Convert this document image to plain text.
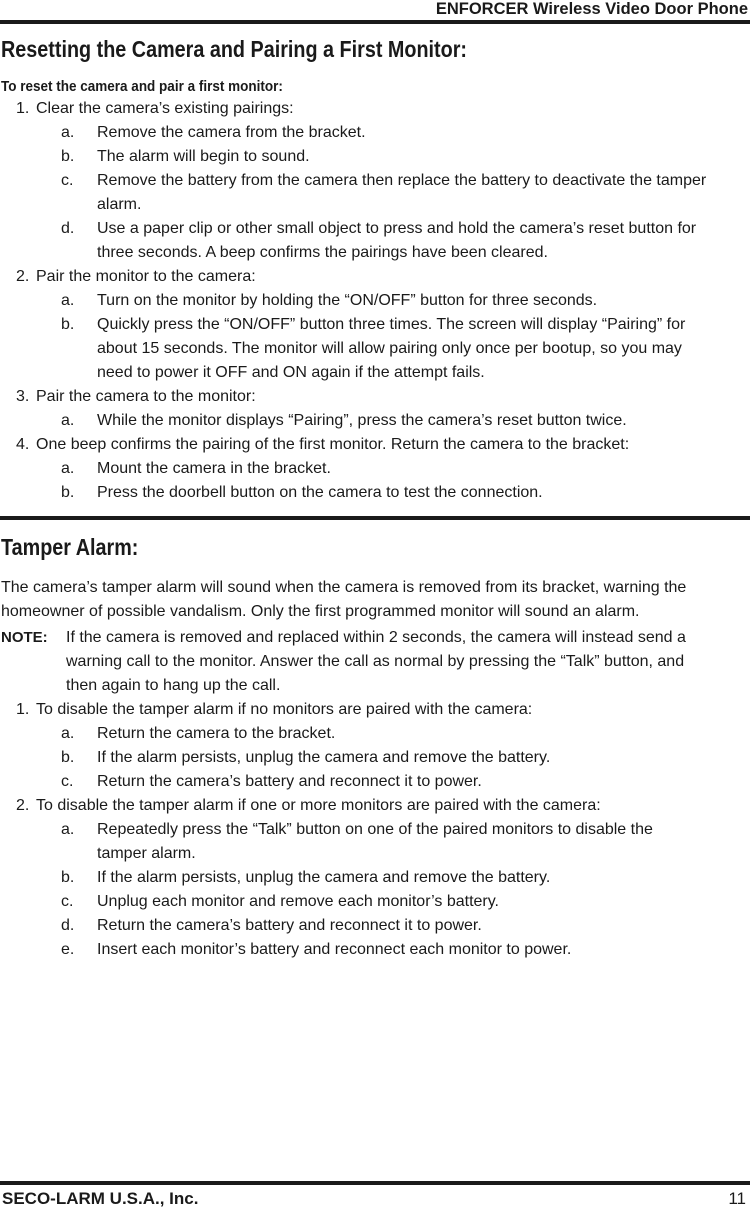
ENFORCER Wireless Video Door Phone
Resetting the Camera and Pairing a First Monitor:
To reset the camera and pair a first monitor:
1. Clear the camera’s existing pairings:
a. Remove the camera from the bracket.
b. The alarm will begin to sound.
c. Remove the battery from the camera then replace the battery to deactivate the tamper
alarm.
d. Use a paper clip or other small object to press and hold the camera’s reset button for
three seconds. A beep confirms the pairings have been cleared.
2. Pair the monitor to the camera:
a. Turn on the monitor by holding the “ON/OFF” button for three seconds.
b. Quickly press the “ON/OFF” button three times. The screen will display “Pairing” for
about 15 seconds. The monitor will allow pairing only once per bootup, so you may
need to power it OFF and ON again if the attempt fails.
3. Pair the camera to the monitor:
a. While the monitor displays “Pairing”, press the camera’s reset button twice.
4. One beep confirms the pairing of the first monitor. Return the camera to the bracket:
a. Mount the camera in the bracket.
b. Press the doorbell button on the camera to test the connection.
Tamper Alarm:
The camera’s tamper alarm will sound when the camera is removed from its bracket, warning the
homeowner of possible vandalism. Only the first programmed monitor will sound an alarm.
NOTE: If the camera is removed and replaced within 2 seconds, the camera will instead send a
warning call to the monitor. Answer the call as normal by pressing the “Talk” button, and
then again to hang up the call.
1. To disable the tamper alarm if no monitors are paired with the camera:
a. Return the camera to the bracket.
b. If the alarm persists, unplug the camera and remove the battery.
c. Return the camera’s battery and reconnect it to power.
2. To disable the tamper alarm if one or more monitors are paired with the camera:
a. Repeatedly press the “Talk” button on one of the paired monitors to disable the
tamper alarm.
b. If the alarm persists, unplug the camera and remove the battery.
c. Unplug each monitor and remove each monitor’s battery.
d. Return the camera’s battery and reconnect it to power.
e. Insert each monitor’s battery and reconnect each monitor to power.
SECO-LARM U.S.A., Inc.	11
